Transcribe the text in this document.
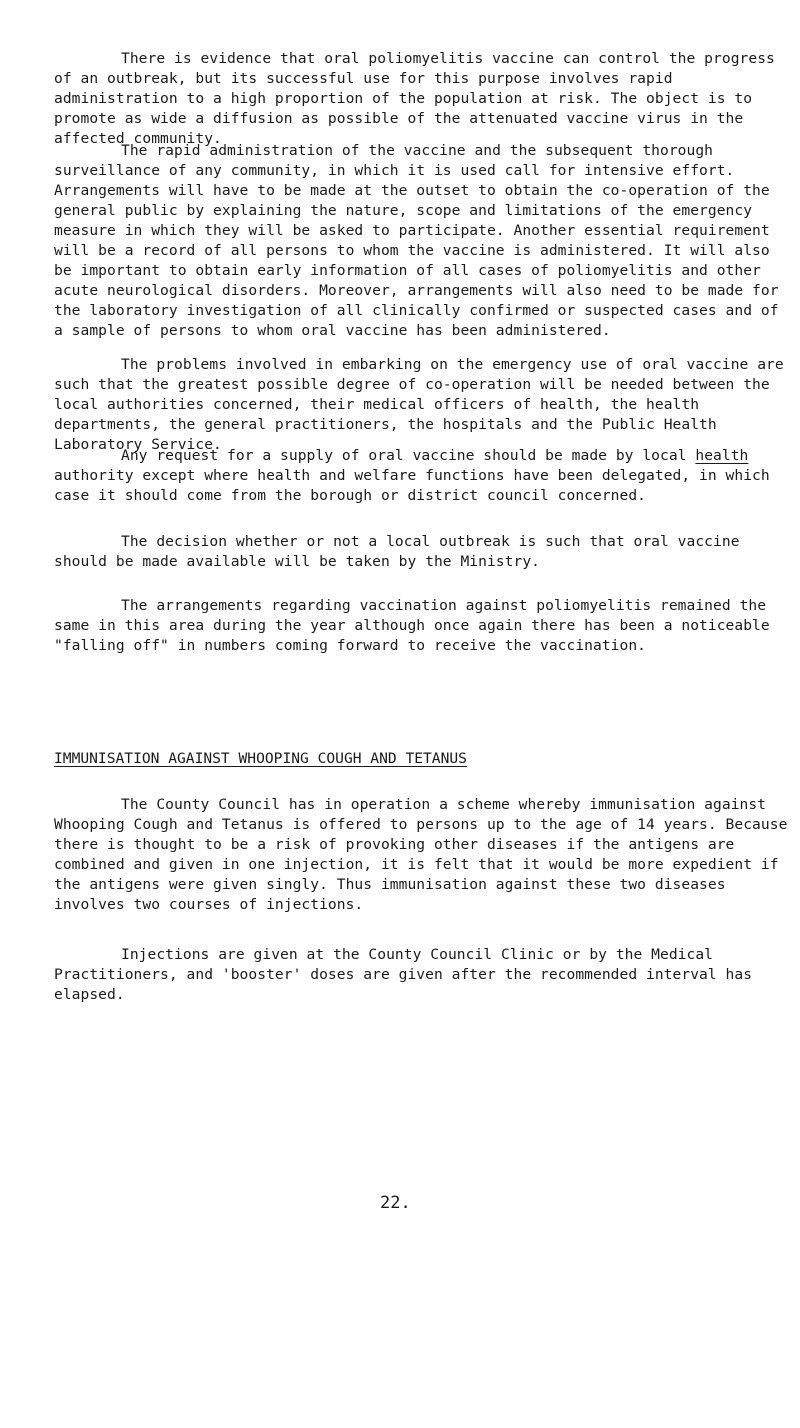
There is evidence that oral poliomyelitis vaccine can control the progress of an outbreak, but its successful use for this purpose involves rapid administration to a high proportion of the population at risk. The object is to promote as wide a diffusion as possible of the attenuated vaccine virus in the affected community.

The rapid administration of the vaccine and the subsequent thorough surveillance of any community, in which it is used call for intensive effort. Arrangements will have to be made at the outset to obtain the co-operation of the general public by explaining the nature, scope and limitations of the emergency measure in which they will be asked to participate. Another essential requirement will be a record of all persons to whom the vaccine is administered. It will also be important to obtain early information of all cases of poliomyelitis and other acute neurological disorders. Moreover, arrangements will also need to be made for the laboratory investigation of all clinically confirmed or suspected cases and of a sample of persons to whom oral vaccine has been administered.

The problems involved in embarking on the emergency use of oral vaccine are such that the greatest possible degree of co-operation will be needed between the local authorities concerned, their medical officers of health, the health departments, the general practitioners, the hospitals and the Public Health Laboratory Service.

Any request for a supply of oral vaccine should be made by local health authority except where health and welfare functions have been delegated, in which case it should come from the borough or district council concerned.

The decision whether or not a local outbreak is such that oral vaccine should be made available will be taken by the Ministry.

The arrangements regarding vaccination against poliomyelitis remained the same in this area during the year although once again there has been a noticeable "falling off" in numbers coming forward to receive the vaccination.

IMMUNISATION AGAINST WHOOPING COUGH AND TETANUS

The County Council has in operation a scheme whereby immunisation against Whooping Cough and Tetanus is offered to persons up to the age of 14 years. Because there is thought to be a risk of provoking other diseases if the antigens are combined and given in one injection, it is felt that it would be more expedient if the antigens were given singly. Thus immunisation against these two diseases involves two courses of injections.

Injections are given at the County Council Clinic or by the Medical Practitioners, and 'booster' doses are given after the recommended interval has elapsed.

22.
